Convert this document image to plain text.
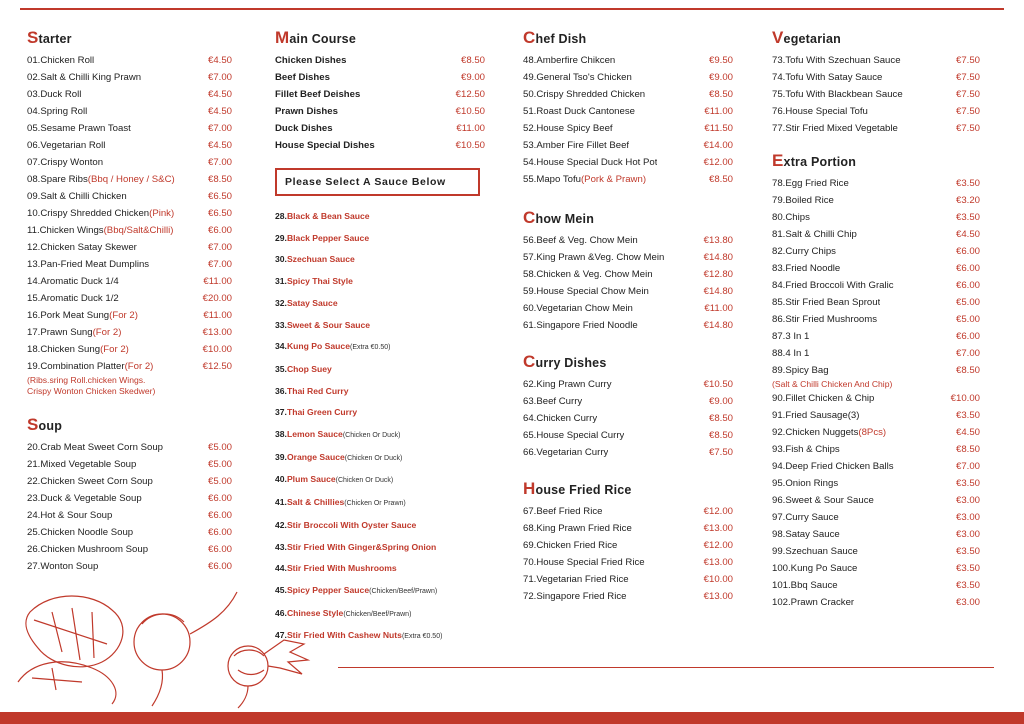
Starter
01.Chicken Roll	€4.50
02.Salt & Chilli King Prawn	€7.00
03.Duck Roll	€4.50
04.Spring Roll	€4.50
05.Sesame Prawn Toast	€7.00
06.Vegetarian Roll	€4.50
07.Crispy Wonton	€7.00
08.Spare Ribs(Bbq / Honey / S&C)	€8.50
09.Salt & Chilli Chicken	€6.50
10.Crispy Shredded Chicken(Pink)	€6.50
11.Chicken Wings(Bbq/Salt&Chilli)	€6.00
12.Chicken Satay Skewer	€7.00
13.Pan-Fried Meat Dumplins	€7.00
14.Aromatic Duck 1/4	€11.00
15.Aromatic Duck 1/2	€20.00
16.Pork Meat Sung(For 2)	€11.00
17.Prawn Sung(For 2)	€13.00
18.Chicken Sung(For 2)	€10.00
19.Combination Platter(For 2)	€12.50
(Ribs.sring Roll.chicken Wings.
Crispy Wonton Chicken Skedwer)
Soup
20.Crab Meat Sweet Corn Soup	€5.00
21.Mixed Vegetable Soup	€5.00
22.Chicken Sweet Corn Soup	€5.00
23.Duck & Vegetable Soup	€6.00
24.Hot & Sour Soup	€6.00
25.Chicken Noodle Soup	€6.00
26.Chicken Mushroom Soup	€6.00
27.Wonton Soup	€6.00
Main Course
Chicken Dishes	€8.50
Beef Dishes	€9.00
Fillet Beef Deishes	€12.50
Prawn Dishes	€10.50
Duck Dishes	€11.00
House Special Dishes	€10.50
Please Select A Sauce Below
28.Black & Bean Sauce
29.Black Pepper Sauce
30.Szechuan Sauce
31.Spicy Thai Style
32.Satay Sauce
33.Sweet & Sour Sauce
34.Kung Po Sauce(Extra €0.50)
35.Chop Suey
36.Thai Red Curry
37.Thai Green Curry
38.Lemon Sauce(Chicken Or Duck)
39.Orange Sauce(Chicken Or Duck)
40.Plum Sauce(Chicken Or Duck)
41.Salt & Chillies(Chicken Or Prawn)
42.Stir Broccoli With Oyster Sauce
43.Stir Fried With Ginger&Spring Onion
44.Stir Fried With Mushrooms
45.Spicy Pepper Sauce(Chicken/Beef/Prawn)
46.Chinese Style(Chicken/Beef/Prawn)
47.Stir Fried With Cashew Nuts(Extra €0.50)
Chef Dish
48.Amberfire Chikcen	€9.50
49.General Tso's Chicken	€9.00
50.Crispy Shredded Chicken	€8.50
51.Roast Duck Cantonese	€11.00
52.House Spicy Beef	€11.50
53.Amber Fire Fillet Beef	€14.00
54.House Special Duck Hot Pot	€12.00
55.Mapo Tofu(Pork & Prawn)	€8.50
Chow Mein
56.Beef & Veg. Chow Mein	€13.80
57.King Prawn &Veg. Chow Mein	€14.80
58.Chicken & Veg. Chow Mein	€12.80
59.House Special Chow Mein	€14.80
60.Vegetarian Chow Mein	€11.00
61.Singapore Fried Noodle	€14.80
Curry Dishes
62.King Prawn Curry	€10.50
63.Beef Curry	€9.00
64.Chicken Curry	€8.50
65.House Special Curry	€8.50
66.Vegetarian Curry	€7.50
House Fried Rice
67.Beef Fried Rice	€12.00
68.King Prawn Fried Rice	€13.00
69.Chicken Fried Rice	€12.00
70.House Special Fried Rice	€13.00
71.Vegetarian Fried Rice	€10.00
72.Singapore Fried Rice	€13.00
Vegetarian
73.Tofu With Szechuan Sauce	€7.50
74.Tofu With Satay Sauce	€7.50
75.Tofu With Blackbean Sauce	€7.50
76.House Special Tofu	€7.50
77.Stir Fried Mixed Vegetable	€7.50
Extra Portion
78.Egg Fried Rice	€3.50
79.Boiled Rice	€3.20
80.Chips	€3.50
81.Salt & Chilli Chip	€4.50
82.Curry Chips	€6.00
83.Fried Noodle	€6.00
84.Fried Broccoli With Gralic	€6.00
85.Stir Fried Bean Sprout	€5.00
86.Stir Fried Mushrooms	€5.00
87.3 In 1	€6.00
88.4 In 1	€7.00
89.Spicy Bag	€8.50
(Salt & Chilli Chicken And Chip)
90.Fillet Chicken & Chip	€10.00
91.Fried Sausage(3)	€3.50
92.Chicken Nuggets(8Pcs)	€4.50
93.Fish & Chips	€8.50
94.Deep Fried Chicken Balls	€7.00
95.Onion Rings	€3.50
96.Sweet & Sour Sauce	€3.00
97.Curry Sauce	€3.00
98.Satay Sauce	€3.00
99.Szechuan Sauce	€3.50
100.Kung Po Sauce	€3.50
101.Bbq Sauce	€3.50
102.Prawn Cracker	€3.00
